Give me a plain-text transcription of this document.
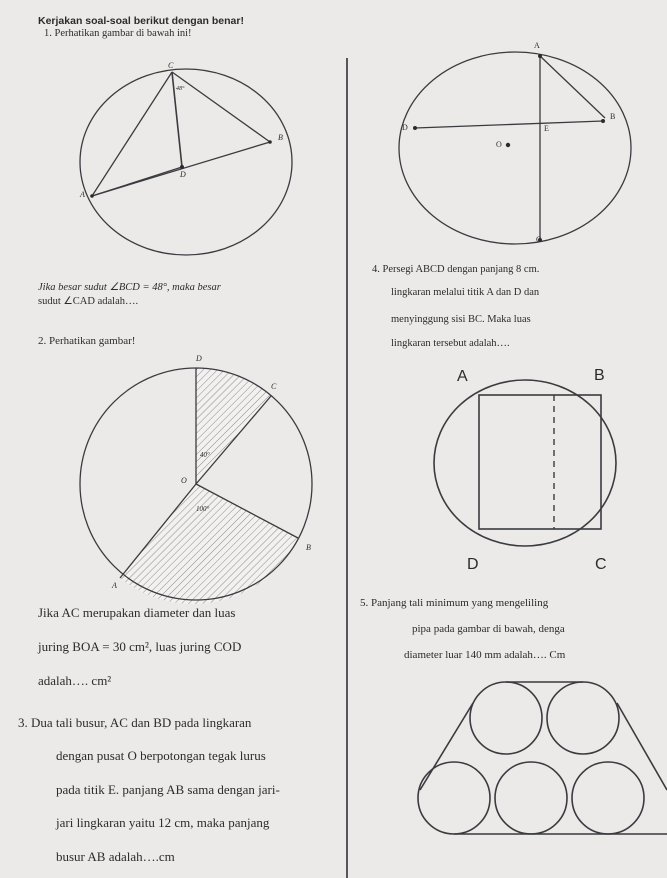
Kerjakan soal-soal berikut dengan benar!
1. Perhatikan gambar di bawah ini!
C
48°
B
D
A
Jika besar sudut ∠BCD = 48°, maka besar
sudut ∠CAD adalah….
2. Perhatikan gambar!
D
C
40°
O
100°
B
A
Jika AC merupakan diameter dan luas
juring BOA = 30 cm², luas juring COD
adalah…. cm²
3. Dua tali busur, AC dan BD pada lingkaran
dengan pusat O berpotongan tegak lurus
pada titik E. panjang AB sama dengan jari-
jari lingkaran yaitu 12 cm, maka panjang
busur AB adalah….cm
A
B
D	E
O
C
4. Persegi ABCD dengan panjang 8 cm.
lingkaran melalui titik A dan D dan
menyinggung sisi BC. Maka luas
lingkaran tersebut adalah….
A	B
D	C
5. Panjang tali minimum yang mengeliling
pipa pada gambar di bawah, denga
diameter luar 140 mm adalah…. Cm
